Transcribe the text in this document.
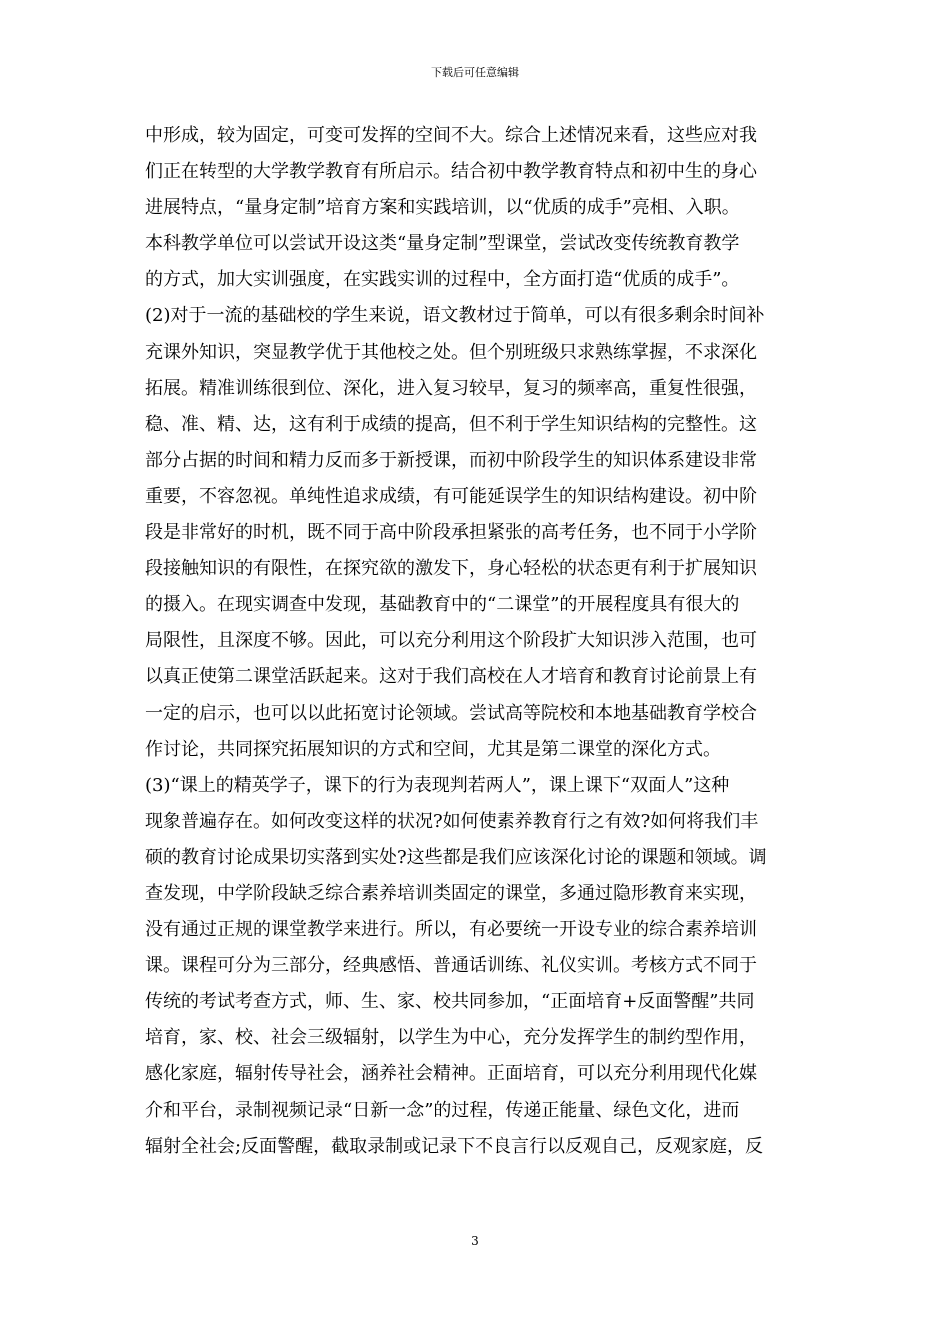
下载后可任意编辑
中形成，较为固定，可变可发挥的空间不大。综合上述情况来看，这些应对我
们正在转型的大学教学教育有所启示。结合初中教学教育特点和初中生的身心
进展特点，“量身定制”培育方案和实践培训，以“优质的成手”亮相、入职。
本科教学单位可以尝试开设这类“量身定制”型课堂，尝试改变传统教育教学
的方式，加大实训强度，在实践实训的过程中，全方面打造“优质的成手”。
(2)对于一流的基础校的学生来说，语文教材过于简单，可以有很多剩余时间补
充课外知识，突显教学优于其他校之处。但个别班级只求熟练掌握，不求深化
拓展。精准训练很到位、深化，进入复习较早，复习的频率高，重复性很强，
稳、准、精、达，这有利于成绩的提高，但不利于学生知识结构的完整性。这
部分占据的时间和精力反而多于新授课，而初中阶段学生的知识体系建设非常
重要，不容忽视。单纯性追求成绩，有可能延误学生的知识结构建设。初中阶
段是非常好的时机，既不同于高中阶段承担紧张的高考任务，也不同于小学阶
段接触知识的有限性，在探究欲的激发下，身心轻松的状态更有利于扩展知识
的摄入。在现实调查中发现，基础教育中的“二课堂”的开展程度具有很大的
局限性，且深度不够。因此，可以充分利用这个阶段扩大知识涉入范围，也可
以真正使第二课堂活跃起来。这对于我们高校在人才培育和教育讨论前景上有
一定的启示，也可以以此拓宽讨论领域。尝试高等院校和本地基础教育学校合
作讨论，共同探究拓展知识的方式和空间，尤其是第二课堂的深化方式。
(3)“课上的精英学子，课下的行为表现判若两人”，课上课下“双面人”这种
现象普遍存在。如何改变这样的状况?如何使素养教育行之有效?如何将我们丰
硕的教育讨论成果切实落到实处?这些都是我们应该深化讨论的课题和领域。调
查发现，中学阶段缺乏综合素养培训类固定的课堂，多通过隐形教育来实现，
没有通过正规的课堂教学来进行。所以，有必要统一开设专业的综合素养培训
课。课程可分为三部分，经典感悟、普通话训练、礼仪实训。考核方式不同于
传统的考试考查方式，师、生、家、校共同参加，“正面培育+反面警醒”共同
培育，家、校、社会三级辐射，以学生为中心，充分发挥学生的制约型作用，
感化家庭，辐射传导社会，涵养社会精神。正面培育，可以充分利用现代化媒
介和平台，录制视频记录“日新一念”的过程，传递正能量、绿色文化，进而
辐射全社会;反面警醒，截取录制或记录下不良言行以反观自己，反观家庭，反
3
